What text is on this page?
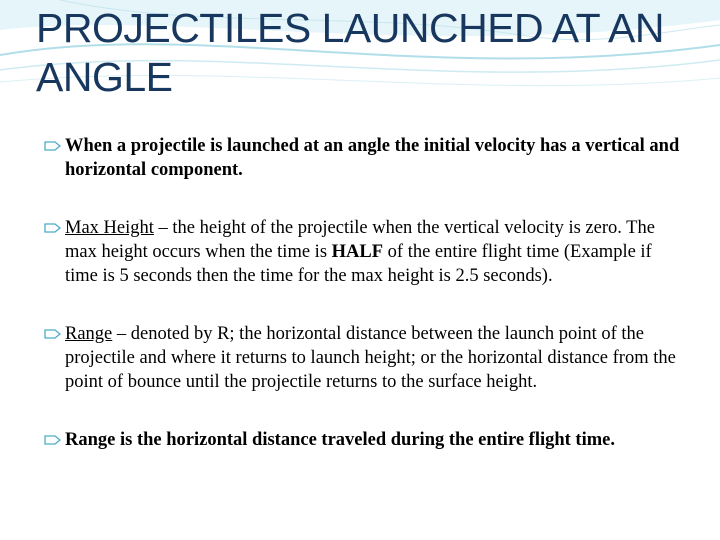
PROJECTILES LAUNCHED AT AN
ANGLE

When a projectile is launched at an angle the initial velocity has a vertical and horizontal component.

Max Height – the height of the projectile when the vertical velocity is zero. The max height occurs when the time is HALF of the entire flight time (Example if time is 5 seconds then the time for the max height is 2.5 seconds).

Range – denoted by R; the horizontal distance between the launch point of the projectile and where it returns to launch height; or the horizontal distance from the point of bounce until the projectile returns to the surface height.

Range is the horizontal distance traveled during the entire flight time.
